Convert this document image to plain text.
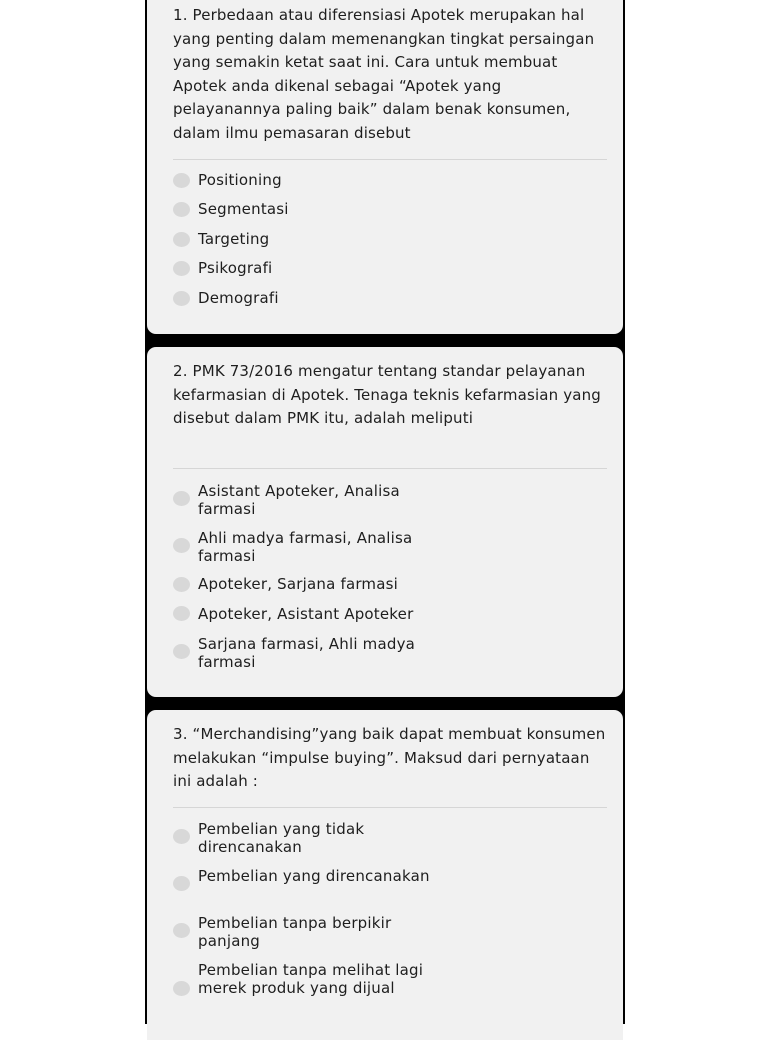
1. Perbedaan atau diferensiasi Apotek merupakan hal yang penting dalam memenangkan tingkat persaingan yang semakin ketat saat ini. Cara untuk membuat Apotek anda dikenal sebagai “Apotek yang pelayanannya paling baik” dalam benak konsumen, dalam ilmu pemasaran disebut

Positioning
Segmentasi
Targeting
Psikografi
Demografi

2. PMK 73/2016 mengatur tentang standar pelayanan kefarmasian di Apotek. Tenaga teknis kefarmasian yang disebut dalam PMK itu, adalah meliputi

Asistant Apoteker, Analisa farmasi
Ahli madya farmasi, Analisa farmasi
Apoteker, Sarjana farmasi
Apoteker, Asistant Apoteker
Sarjana farmasi, Ahli madya farmasi

3. “Merchandising”yang baik dapat membuat konsumen melakukan “impulse buying”. Maksud dari pernyataan ini adalah :

Pembelian yang tidak direncanakan
Pembelian yang direncanakan
Pembelian tanpa berpikir panjang
Pembelian tanpa melihat lagi merek produk yang dijual
